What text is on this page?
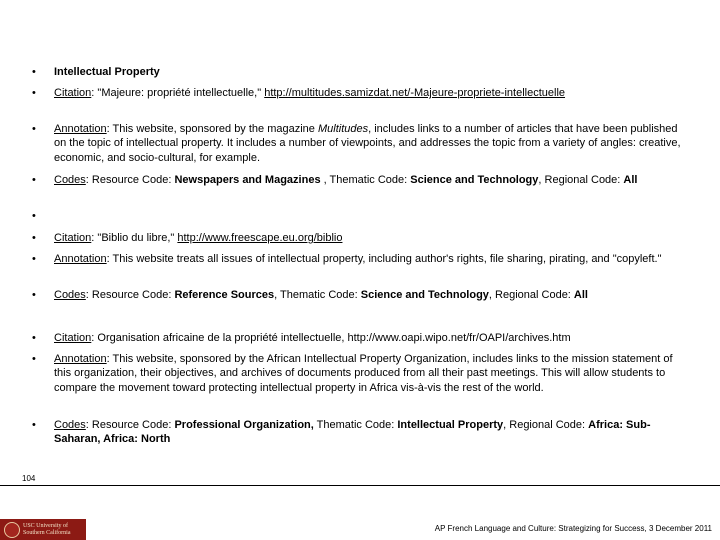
• Intellectual Property
• Citation: "Majeure: propriété intellectuelle," http://multitudes.samizdat.net/-Majeure-propriete-intellectuelle
• Annotation: This website, sponsored by the magazine Multitudes, includes links to a number of articles that have been published on the topic of intellectual property. It includes a number of viewpoints, and addresses the topic from a variety of angles: creative, economic, and socio-cultural, for example.
• Codes: Resource Code: Newspapers and Magazines , Thematic Code: Science and Technology, Regional Code: All
•
• Citation: "Biblio du libre," http://www.freescape.eu.org/biblio
• Annotation: This website treats all issues of intellectual property, including author's rights, file sharing, pirating, and "copyleft."
• Codes: Resource Code: Reference Sources, Thematic Code: Science and Technology, Regional Code: All
• Citation: Organisation africaine de la propriété intellectuelle, http://www.oapi.wipo.net/fr/OAPI/archives.htm
• Annotation: This website, sponsored by the African Intellectual Property Organization, includes links to the mission statement of this organization, their objectives, and archives of documents produced from all their past meetings. This will allow students to compare the movement toward protecting intellectual property in Africa vis-à-vis the rest of the world.
• Codes: Resource Code: Professional Organization, Thematic Code: Intellectual Property, Regional Code: Africa: Sub-Saharan, Africa: North
104
USC University of
Southern California	AP French Language and Culture: Strategizing for Success, 3 December 2011
